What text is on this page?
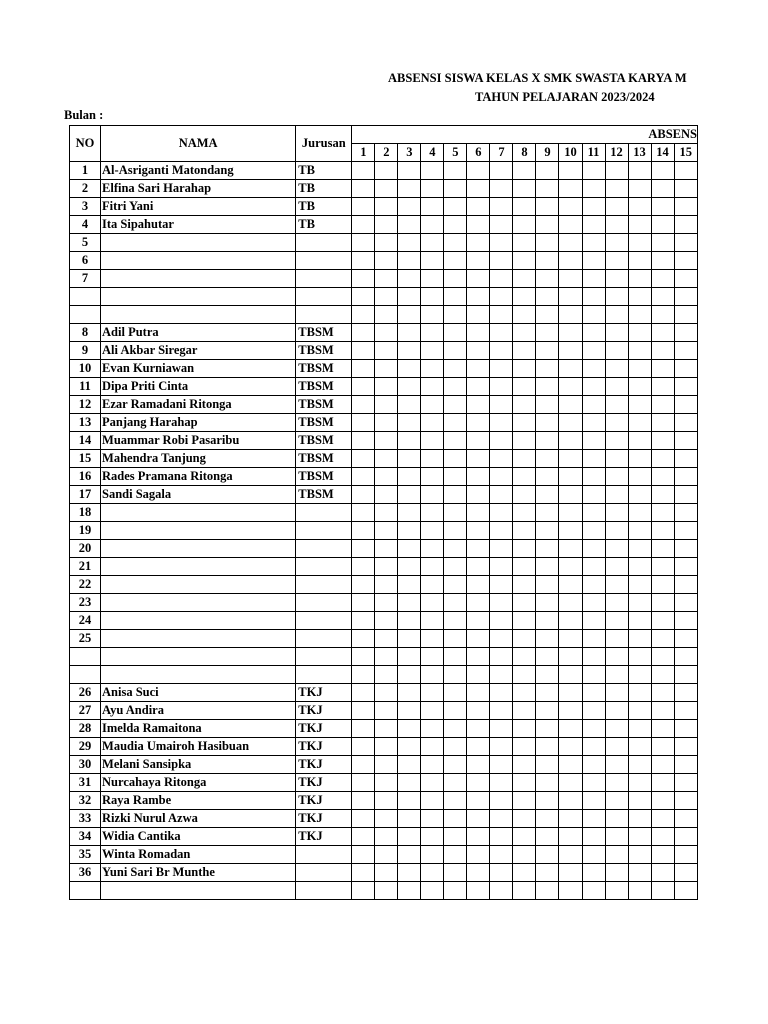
ABSENSI SISWA KELAS X SMK SWASTA KARYA M
TAHUN PELAJARAN 2023/2024
Bulan :
NO	NAMA	Jurusan	ABSENS														
			1	2	3	4	5	6	7	8	9	10	11	12	13	14	15
1	Al-Asriganti Matondang	TB															
2	Elfina Sari Harahap	TB															
3	Fitri Yani	TB															
4	Ita Sipahutar	TB															
5																	
6																	
7																	

8	Adil Putra	TBSM															
9	Ali Akbar Siregar	TBSM															
10	Evan Kurniawan	TBSM															
11	Dipa Priti Cinta	TBSM															
12	Ezar Ramadani Ritonga	TBSM															
13	Panjang Harahap	TBSM															
14	Muammar Robi Pasaribu	TBSM															
15	Mahendra Tanjung	TBSM															
16	Rades Pramana Ritonga	TBSM															
17	Sandi Sagala	TBSM															
18																	
19																	
20																	
21																	
22																	
23																	
24																	
25																	

26	Anisa Suci	TKJ															
27	Ayu Andira	TKJ															
28	Imelda Ramaitona	TKJ															
29	Maudia Umairoh Hasibuan	TKJ															
30	Melani Sansipka	TKJ															
31	Nurcahaya Ritonga	TKJ															
32	Raya Rambe	TKJ															
33	Rizki Nurul Azwa	TKJ															
34	Widia Cantika	TKJ															
35	Winta Romadan																
36	Yuni Sari Br Munthe																
